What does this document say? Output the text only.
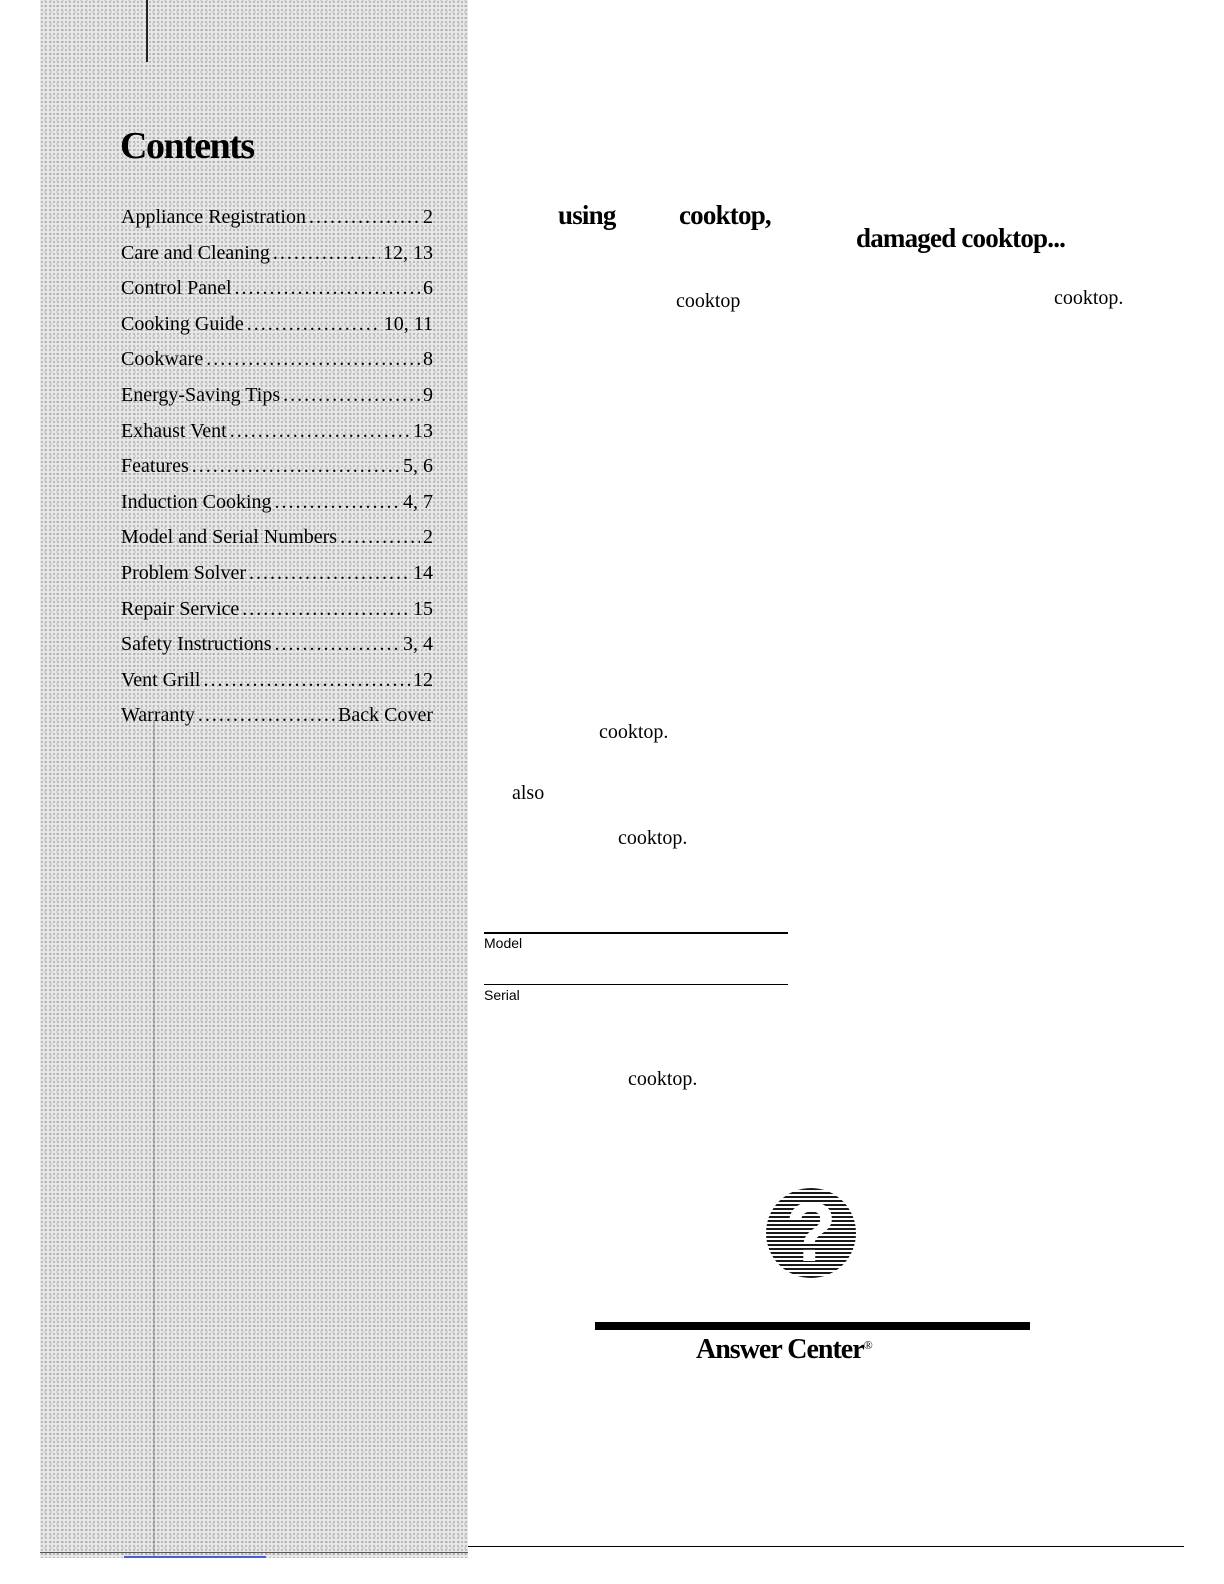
Contents
Appliance Registration .....	2
Care and Cleaning .....	12, 13
Control Panel .....	6
Cooking Guide .....	10, 11
Cookware .....	8
Energy-Saving Tips .....	9
Exhaust Vent .....	13
Features .....	5, 6
Induction Cooking .....	4, 7
Model and Serial Numbers .....	2
Problem Solver .....	14
Repair Service .....	15
Safety Instructions .....	3, 4
Vent Grill .....	12
Warranty .....	Back Cover

using cooktop,

damaged cooktop...

cooktop	cooktop.

cooktop.

also

cooktop.

Model
Serial

cooktop.

?
Answer Center®
